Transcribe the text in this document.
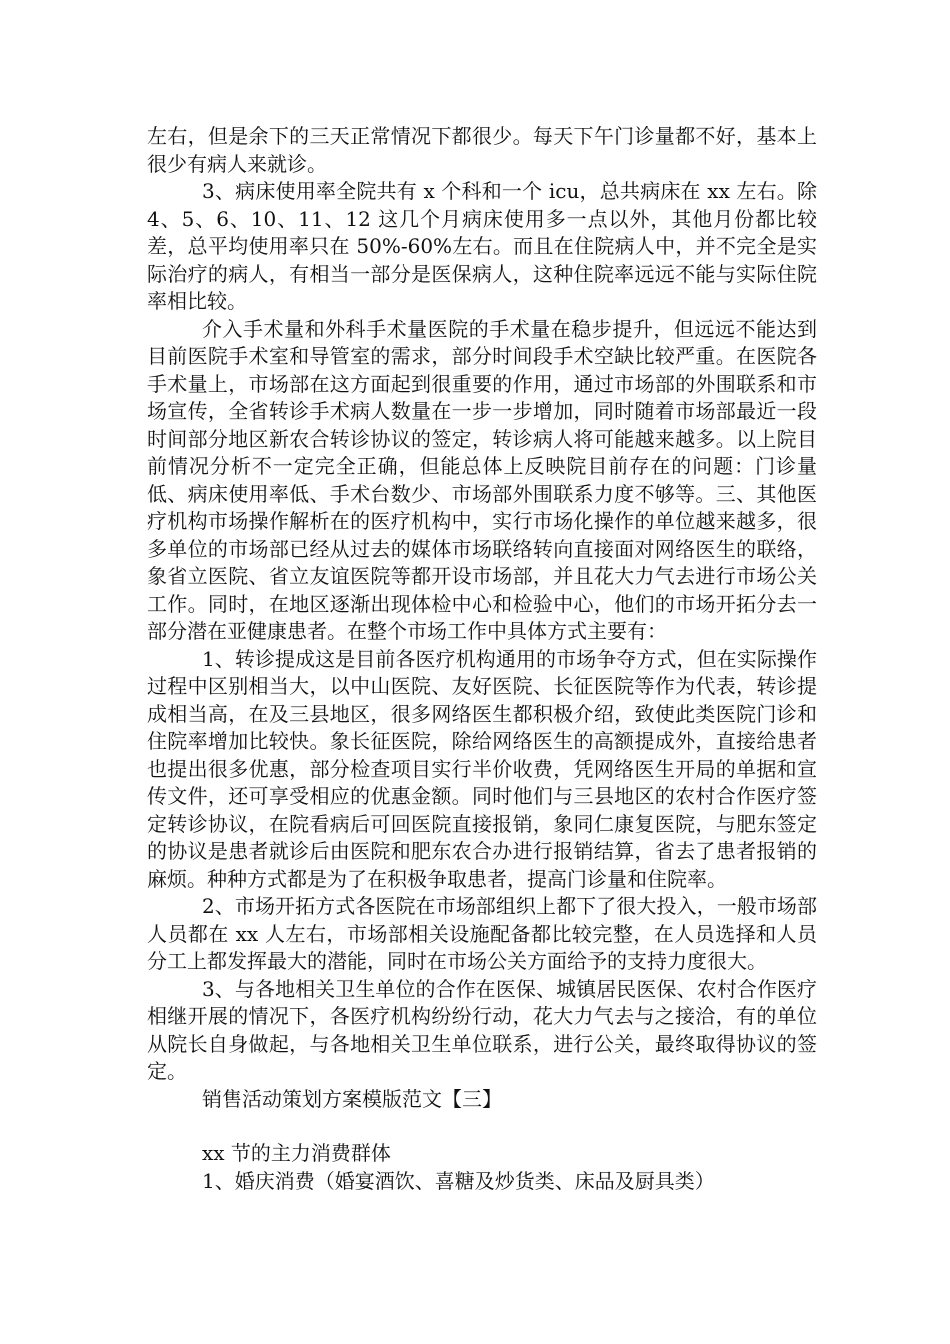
左右，但是余下的三天正常情况下都很少。每天下午门诊量都不好，基本上很少有病人来就诊。

3、病床使用率全院共有 x 个科和一个 icu，总共病床在 xx 左右。除 4、5、6、10、11、12 这几个月病床使用多一点以外，其他月份都比较差，总平均使用率只在 50%-60%左右。而且在住院病人中，并不完全是实际治疗的病人，有相当一部分是医保病人，这种住院率远远不能与实际住院率相比较。

介入手术量和外科手术量医院的手术量在稳步提升，但远远不能达到目前医院手术室和导管室的需求，部分时间段手术空缺比较严重。在医院各手术量上，市场部在这方面起到很重要的作用，通过市场部的外围联系和市场宣传，全省转诊手术病人数量在一步一步增加，同时随着市场部最近一段时间部分地区新农合转诊协议的签定，转诊病人将可能越来越多。以上院目前情况分析不一定完全正确，但能总体上反映院目前存在的问题：门诊量低、病床使用率低、手术台数少、市场部外围联系力度不够等。三、其他医疗机构市场操作解析在的医疗机构中，实行市场化操作的单位越来越多，很多单位的市场部已经从过去的媒体市场联络转向直接面对网络医生的联络，象省立医院、省立友谊医院等都开设市场部，并且花大力气去进行市场公关工作。同时，在地区逐渐出现体检中心和检验中心，他们的市场开拓分去一部分潜在亚健康患者。在整个市场工作中具体方式主要有：

1、转诊提成这是目前各医疗机构通用的市场争夺方式，但在实际操作过程中区别相当大，以中山医院、友好医院、长征医院等作为代表，转诊提成相当高，在及三县地区，很多网络医生都积极介绍，致使此类医院门诊和住院率增加比较快。象长征医院，除给网络医生的高额提成外，直接给患者也提出很多优惠，部分检查项目实行半价收费，凭网络医生开局的单据和宣传文件，还可享受相应的优惠金额。同时他们与三县地区的农村合作医疗签定转诊协议，在院看病后可回医院直接报销，象同仁康复医院，与肥东签定的协议是患者就诊后由医院和肥东农合办进行报销结算，省去了患者报销的麻烦。种种方式都是为了在积极争取患者，提高门诊量和住院率。

2、市场开拓方式各医院在市场部组织上都下了很大投入，一般市场部人员都在 xx 人左右，市场部相关设施配备都比较完整，在人员选择和人员分工上都发挥最大的潜能，同时在市场公关方面给予的支持力度很大。

3、与各地相关卫生单位的合作在医保、城镇居民医保、农村合作医疗相继开展的情况下，各医疗机构纷纷行动，花大力气去与之接洽，有的单位从院长自身做起，与各地相关卫生单位联系，进行公关，最终取得协议的签定。

销售活动策划方案模版范文【三】

xx 节的主力消费群体

1、婚庆消费（婚宴酒饮、喜糖及炒货类、床品及厨具类）
